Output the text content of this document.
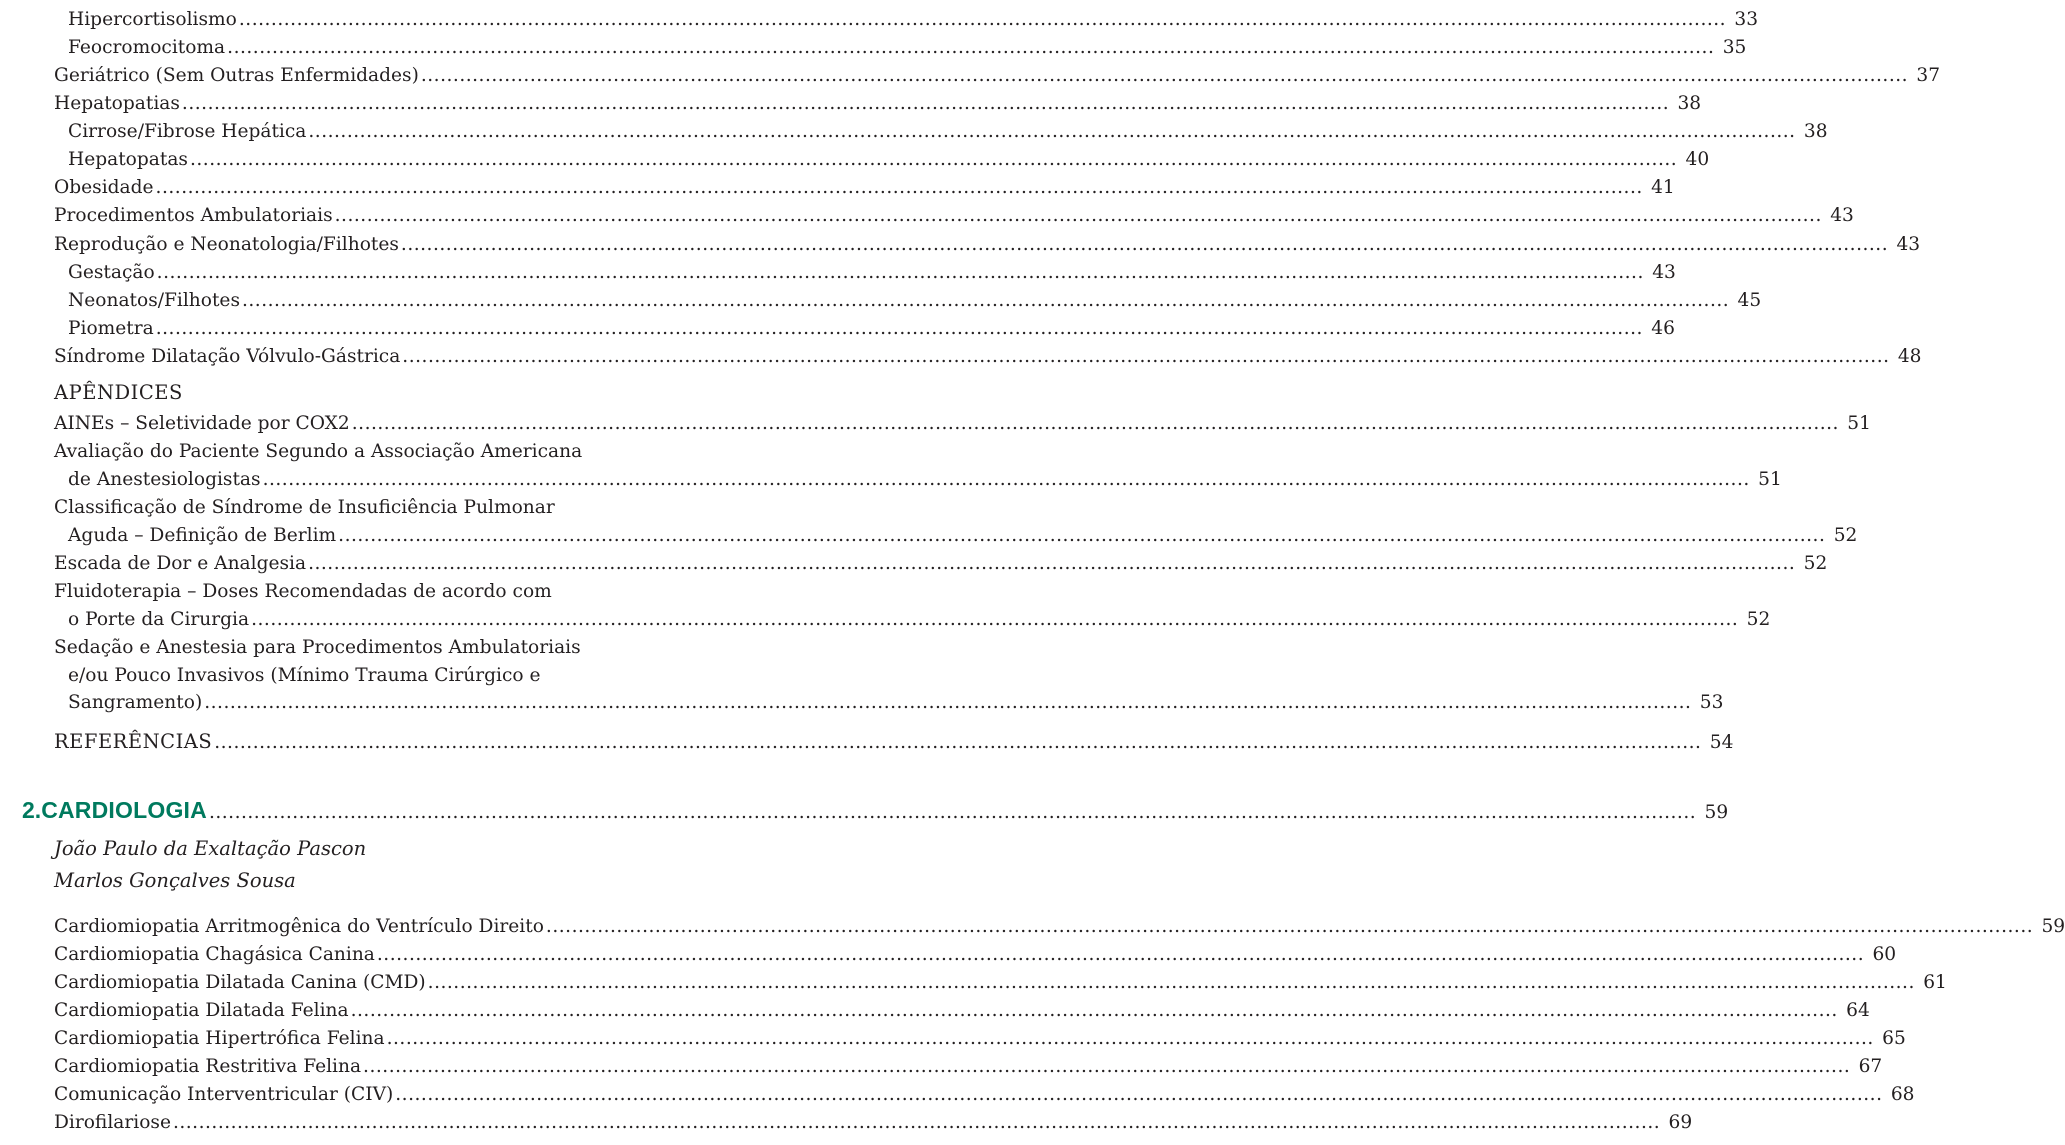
Hipercortisolismo .....	33
Feocromocitoma .....	35
Geriátrico (Sem Outras Enfermidades) .....	37
Hepatopatias .....	38
Cirrose/Fibrose Hepática .....	38
Hepatopatas .....	40
Obesidade .....	41
Procedimentos Ambulatoriais .....	43
Reprodução e Neonatologia/Filhotes .....	43
Gestação .....	43
Neonatos/Filhotes .....	45
Piometra .....	46
Síndrome Dilatação Vólvulo-Gástrica .....	48
APÊNDICES
AINEs – Seletividade por COX2 .....	51
Avaliação do Paciente Segundo a Associação Americana
de Anestesiologistas .....	51
Classificação de Síndrome de Insuficiência Pulmonar
Aguda – Definição de Berlim .....	52
Escada de Dor e Analgesia .....	52
Fluidoterapia – Doses Recomendadas de acordo com
o Porte da Cirurgia .....	52
Sedação e Anestesia para Procedimentos Ambulatoriais
e/ou Pouco Invasivos (Mínimo Trauma Cirúrgico e
Sangramento) .....	53
REFERÊNCIAS .....	54
2. CARDIOLOGIA .....	59
João Paulo da Exaltação Pascon
Marlos Gonçalves Sousa
Cardiomiopatia Arritmogênica do Ventrículo Direito .....	59
Cardiomiopatia Chagásica Canina .....	60
Cardiomiopatia Dilatada Canina (CMD) .....	61
Cardiomiopatia Dilatada Felina .....	64
Cardiomiopatia Hipertrófica Felina .....	65
Cardiomiopatia Restritiva Felina .....	67
Comunicação Interventricular (CIV) .....	68
Dirofilariose .....	69
